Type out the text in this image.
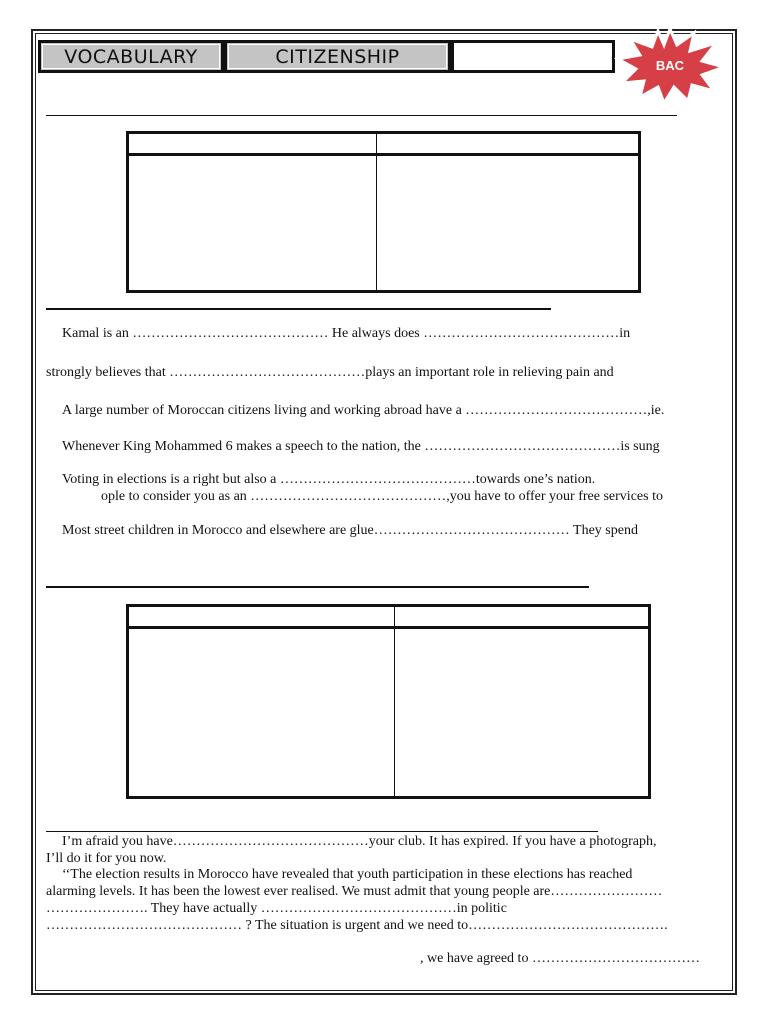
VOCABULARY	CITIZENSHIP	BAC
Kamal is an …………………………………… He always does ……………………………………in
strongly believes that ……………………………………plays an important role in relieving pain and
A large number of Moroccan citizens living and working abroad have a …………………………………,ie.
Whenever King Mohammed 6 makes a speech to the nation, the ……………………………………is sung
Voting in elections is a right but also a ……………………………………towards one’s nation.
ople to consider you as an ……………………………………,you have to offer your free services to
Most street children in Morocco and elsewhere are glue…………………………………… They spend
I’m afraid you have……………………………………your club. It has expired. If you have a photograph,
I’ll do it for you now.
‘‘The election results in Morocco have revealed that youth participation in these elections has reached
alarming levels. It has been the lowest ever realised. We must admit that young people are……………………
…………………. They have actually ……………………………………in politic
…………………………………… ? The situation is urgent and we need to…………………………………….
, we have agreed to ………………………………
